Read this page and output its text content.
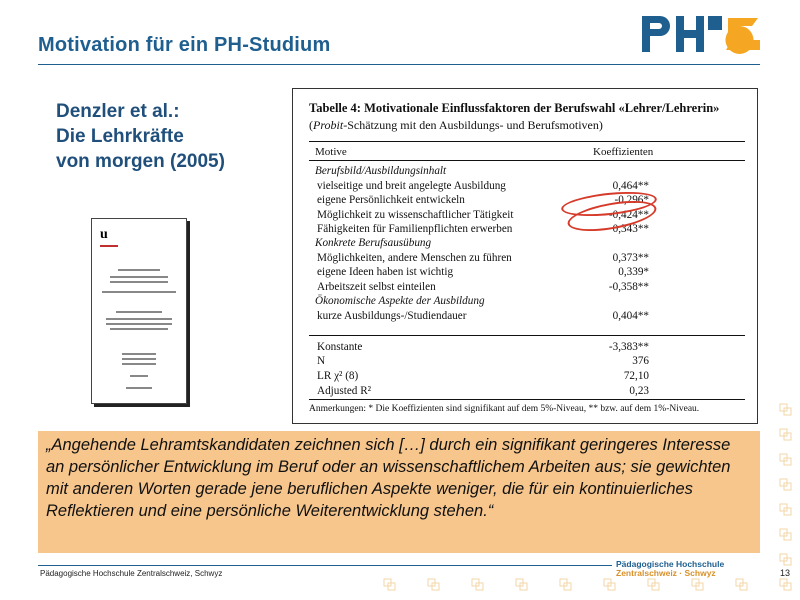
Motivation für ein PH-Studium
Denzler et al.:
Die Lehrkräfte
von morgen (2005)
u
Tabelle 4: Motivationale Einflussfaktoren der Berufswahl «Lehrer/Lehrerin»
(Probit-Schätzung mit den Ausbildungs- und Berufsmotiven)
Motive	Koeffizienten
Berufsbild/Ausbildungsinhalt
vielseitige und breit angelegte Ausbildung	0,464**
eigene Persönlichkeit entwickeln	-0,296*
Möglichkeit zu wissenschaftlicher Tätigkeit	-0,424**
Fähigkeiten für Familienpflichten erwerben	0,343**
Konkrete Berufsausübung
Möglichkeiten, andere Menschen zu führen	0,373**
eigene Ideen haben ist wichtig	0,339*
Arbeitszeit selbst einteilen	-0,358**
Ökonomische Aspekte der Ausbildung
kurze Ausbildungs-/Studiendauer	0,404**
Konstante	-3,383**
N	376
LR χ² (8)	72,10
Adjusted R²	0,23
Anmerkungen: * Die Koeffizienten sind signifikant auf dem 5%-Niveau, ** bzw. auf dem 1%-Niveau.
„Angehende Lehramtskandidaten zeichnen sich […] durch ein signifikant geringeres Interesse an persönlicher Entwicklung im Beruf oder an wissenschaftlichem Arbeiten aus; sie gewichten mit anderen Worten gerade jene beruflichen Aspekte weniger, die für ein kontinuierliches Reflektieren und eine persönliche Weiterentwicklung stehen.“
Pädagogische Hochschule Zentralschweiz, Schwyz
Pädagogische Hochschule
Zentralschweiz · Schwyz	13
